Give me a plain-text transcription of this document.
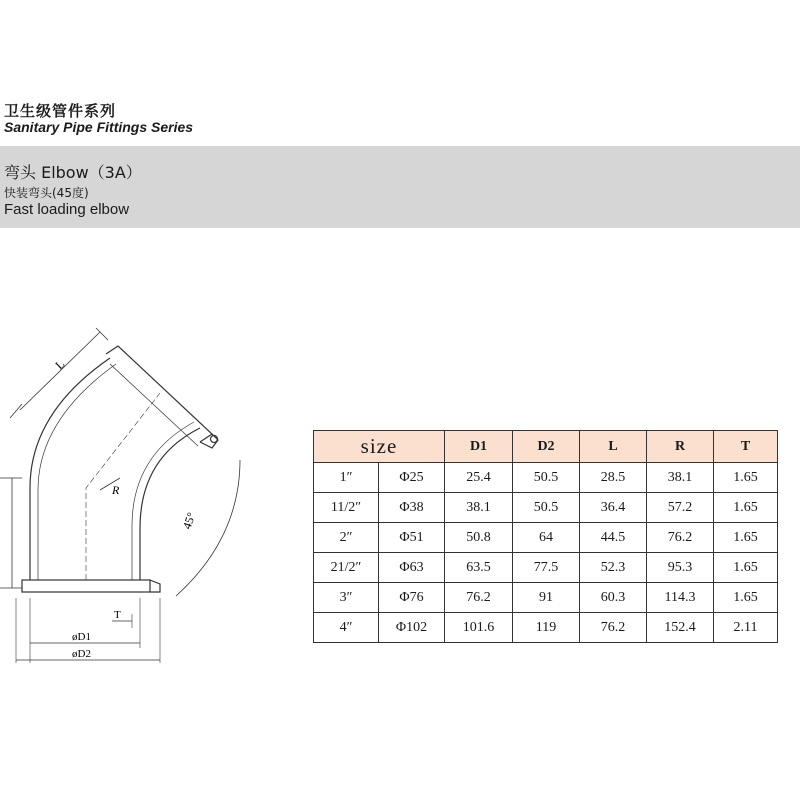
卫生级管件系列
Sanitary Pipe Fittings Series
弯头 Elbow（3A）
快装弯头(45度)
Fast loading elbow
L
R
45°
T
øD1
øD2
size		D1	D2	L	R	T
1″	Φ25	25.4	50.5	28.5	38.1	1.65
11/2″	Φ38	38.1	50.5	36.4	57.2	1.65
2″	Φ51	50.8	64	44.5	76.2	1.65
21/2″	Φ63	63.5	77.5	52.3	95.3	1.65
3″	Φ76	76.2	91	60.3	114.3	1.65
4″	Φ102	101.6	119	76.2	152.4	2.11
